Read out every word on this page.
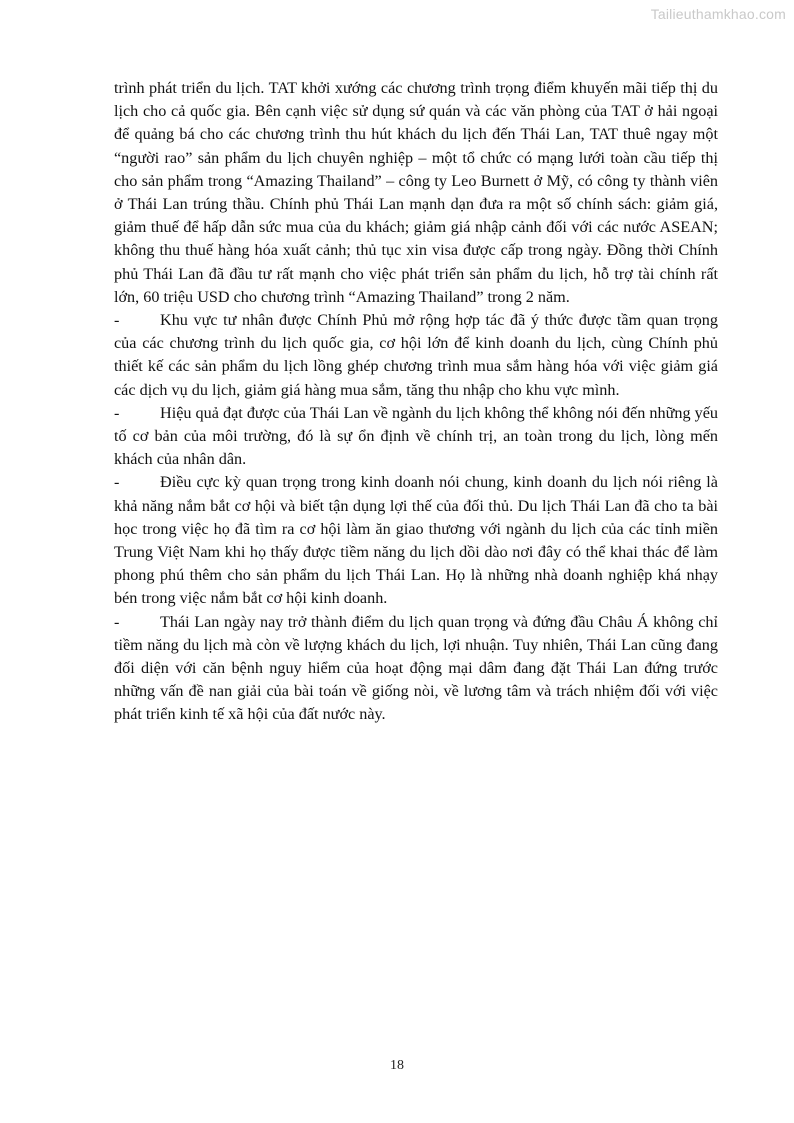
Tailieuthamkhao.com

trình phát triển du lịch. TAT khởi xướng các chương trình trọng điểm khuyến mãi tiếp thị du lịch cho cả quốc gia. Bên cạnh việc sử dụng sứ quán và các văn phòng của TAT ở hải ngoại để quảng bá cho các chương trình thu hút khách du lịch đến Thái Lan, TAT thuê ngay một “người rao” sản phẩm du lịch chuyên nghiệp – một tổ chức có mạng lưới toàn cầu tiếp thị cho sản phẩm trong “Amazing Thailand” – công ty Leo Burnett ở Mỹ, có công ty thành viên ở Thái Lan trúng thầu. Chính phủ Thái Lan mạnh dạn đưa ra một số chính sách: giảm giá, giảm thuế để hấp dẫn sức mua của du khách; giảm giá nhập cảnh đối với các nước ASEAN; không thu thuế hàng hóa xuất cảnh; thủ tục xin visa được cấp trong ngày. Đồng thời Chính phủ Thái Lan đã đầu tư rất mạnh cho việc phát triển sản phẩm du lịch, hỗ trợ tài chính rất lớn, 60 triệu USD cho chương trình “Amazing Thailand” trong 2 năm.

-	Khu vực tư nhân được Chính Phủ mở rộng hợp tác đã ý thức được tầm quan trọng của các chương trình du lịch quốc gia, cơ hội lớn để kinh doanh du lịch, cùng Chính phủ thiết kế các sản phẩm du lịch lồng ghép chương trình mua sắm hàng hóa với việc giảm giá các dịch vụ du lịch, giảm giá hàng mua sắm, tăng thu nhập cho khu vực mình.

-	Hiệu quả đạt được của Thái Lan về ngành du lịch không thể không nói đến những yếu tố cơ bản của môi trường, đó là sự ổn định về chính trị, an toàn trong du lịch, lòng mến khách của nhân dân.

-	Điều cực kỳ quan trọng trong kinh doanh nói chung, kinh doanh du lịch nói riêng là khả năng nắm bắt cơ hội và biết tận dụng lợi thế của đối thủ. Du lịch Thái Lan đã cho ta bài học trong việc họ đã tìm ra cơ hội làm ăn giao thương với ngành du lịch của các tỉnh miền Trung Việt Nam khi họ thấy được tiềm năng du lịch dồi dào nơi đây có thể khai thác để làm phong phú thêm cho sản phẩm du lịch Thái Lan. Họ là những nhà doanh nghiệp khá nhạy bén trong việc nắm bắt cơ hội kinh doanh.

-	Thái Lan ngày nay trở thành điểm du lịch quan trọng và đứng đầu Châu Á không chỉ tiềm năng du lịch mà còn về lượng khách du lịch, lợi nhuận. Tuy nhiên, Thái Lan cũng đang đối diện với căn bệnh nguy hiểm của hoạt động mại dâm đang đặt Thái Lan đứng trước những vấn đề nan giải của bài toán về giống nòi, về lương tâm và trách nhiệm đối với việc phát triển kinh tế xã hội của đất nước này.

18
